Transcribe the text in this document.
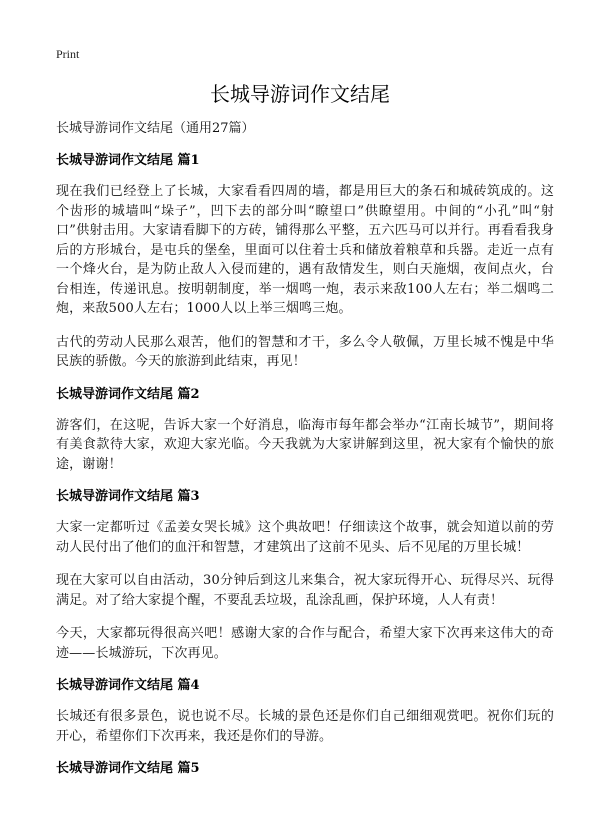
Print
长城导游词作文结尾

长城导游词作文结尾（通用27篇）

长城导游词作文结尾 篇1

现在我们已经登上了长城，大家看看四周的墙，都是用巨大的条石和城砖筑成的。这个齿形的城墙叫“垛子”，凹下去的部分叫“瞭望口”供瞭望用。中间的“小孔”叫“射口”供射击用。大家请看脚下的方砖，铺得那么平整，五六匹马可以并行。再看看我身后的方形城台，是屯兵的堡垒，里面可以住着士兵和储放着粮草和兵器。走近一点有一个烽火台，是为防止敌人入侵而建的，遇有敌情发生，则白天施烟，夜间点火，台台相连，传递讯息。按明朝制度，举一烟鸣一炮，表示来敌100人左右；举二烟鸣二炮，来敌500人左右；1000人以上举三烟鸣三炮。

古代的劳动人民那么艰苦，他们的智慧和才干，多么令人敬佩，万里长城不愧是中华民族的骄傲。今天的旅游到此结束，再见！

长城导游词作文结尾 篇2

游客们，在这呢，告诉大家一个好消息，临海市每年都会举办“江南长城节”，期间将有美食款待大家，欢迎大家光临。今天我就为大家讲解到这里，祝大家有个愉快的旅途，谢谢！

长城导游词作文结尾 篇3

大家一定都听过《孟姜女哭长城》这个典故吧！仔细读这个故事，就会知道以前的劳动人民付出了他们的血汗和智慧，才建筑出了这前不见头、后不见尾的万里长城！

现在大家可以自由活动，30分钟后到这儿来集合，祝大家玩得开心、玩得尽兴、玩得满足。对了给大家提个醒，不要乱丢垃圾，乱涂乱画，保护环境，人人有责！

今天，大家都玩得很高兴吧！感谢大家的合作与配合，希望大家下次再来这伟大的奇迹——长城游玩，下次再见。

长城导游词作文结尾 篇4

长城还有很多景色，说也说不尽。长城的景色还是你们自己细细观赏吧。祝你们玩的开心，希望你们下次再来，我还是你们的导游。

长城导游词作文结尾 篇5
